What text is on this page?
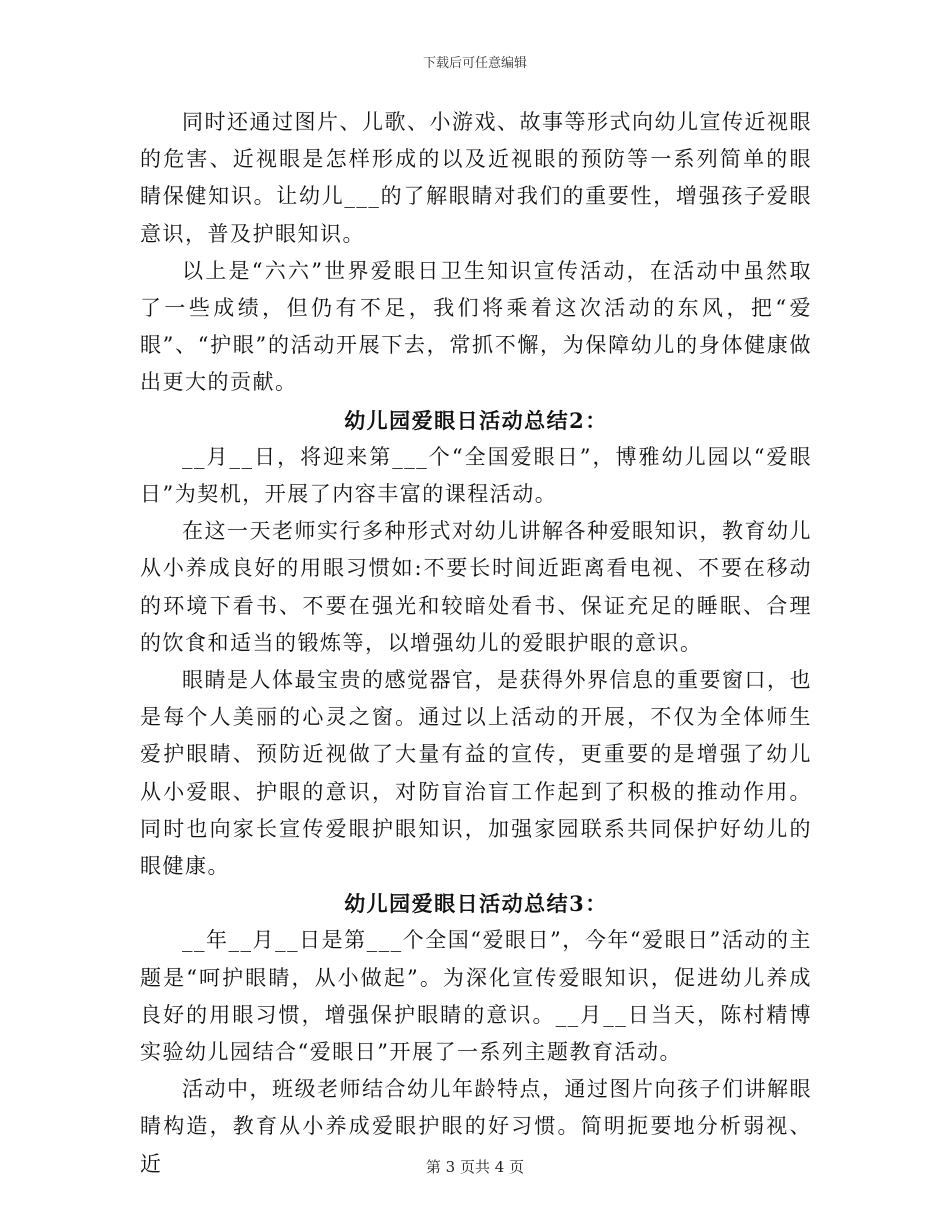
下载后可任意编辑

同时还通过图片、儿歌、小游戏、故事等形式向幼儿宣传近视眼的危害、近视眼是怎样形成的以及近视眼的预防等一系列简单的眼睛保健知识。让幼儿___的了解眼睛对我们的重要性，增强孩子爱眼意识，普及护眼知识。

以上是“六六”世界爱眼日卫生知识宣传活动，在活动中虽然取了一些成绩，但仍有不足，我们将乘着这次活动的东风，把“爱眼”、“护眼”的活动开展下去，常抓不懈，为保障幼儿的身体健康做出更大的贡献。

幼儿园爱眼日活动总结2：

__月__日，将迎来第___个“全国爱眼日”，博雅幼儿园以“爱眼日”为契机，开展了内容丰富的课程活动。

在这一天老师实行多种形式对幼儿讲解各种爱眼知识，教育幼儿从小养成良好的用眼习惯如:不要长时间近距离看电视、不要在移动的环境下看书、不要在强光和较暗处看书、保证充足的睡眠、合理的饮食和适当的锻炼等，以增强幼儿的爱眼护眼的意识。

眼睛是人体最宝贵的感觉器官，是获得外界信息的重要窗口，也是每个人美丽的心灵之窗。通过以上活动的开展，不仅为全体师生爱护眼睛、预防近视做了大量有益的宣传，更重要的是增强了幼儿从小爱眼、护眼的意识，对防盲治盲工作起到了积极的推动作用。同时也向家长宣传爱眼护眼知识，加强家园联系共同保护好幼儿的眼健康。

幼儿园爱眼日活动总结3：

__年__月__日是第___个全国“爱眼日”，今年“爱眼日”活动的主题是“呵护眼睛，从小做起”。为深化宣传爱眼知识，促进幼儿养成良好的用眼习惯，增强保护眼睛的意识。__月__日当天，陈村精博实验幼儿园结合“爱眼日”开展了一系列主题教育活动。

活动中，班级老师结合幼儿年龄特点，通过图片向孩子们讲解眼睛构造，教育从小养成爱眼护眼的好习惯。简明扼要地分析弱视、近	第 3 页共 4 页
